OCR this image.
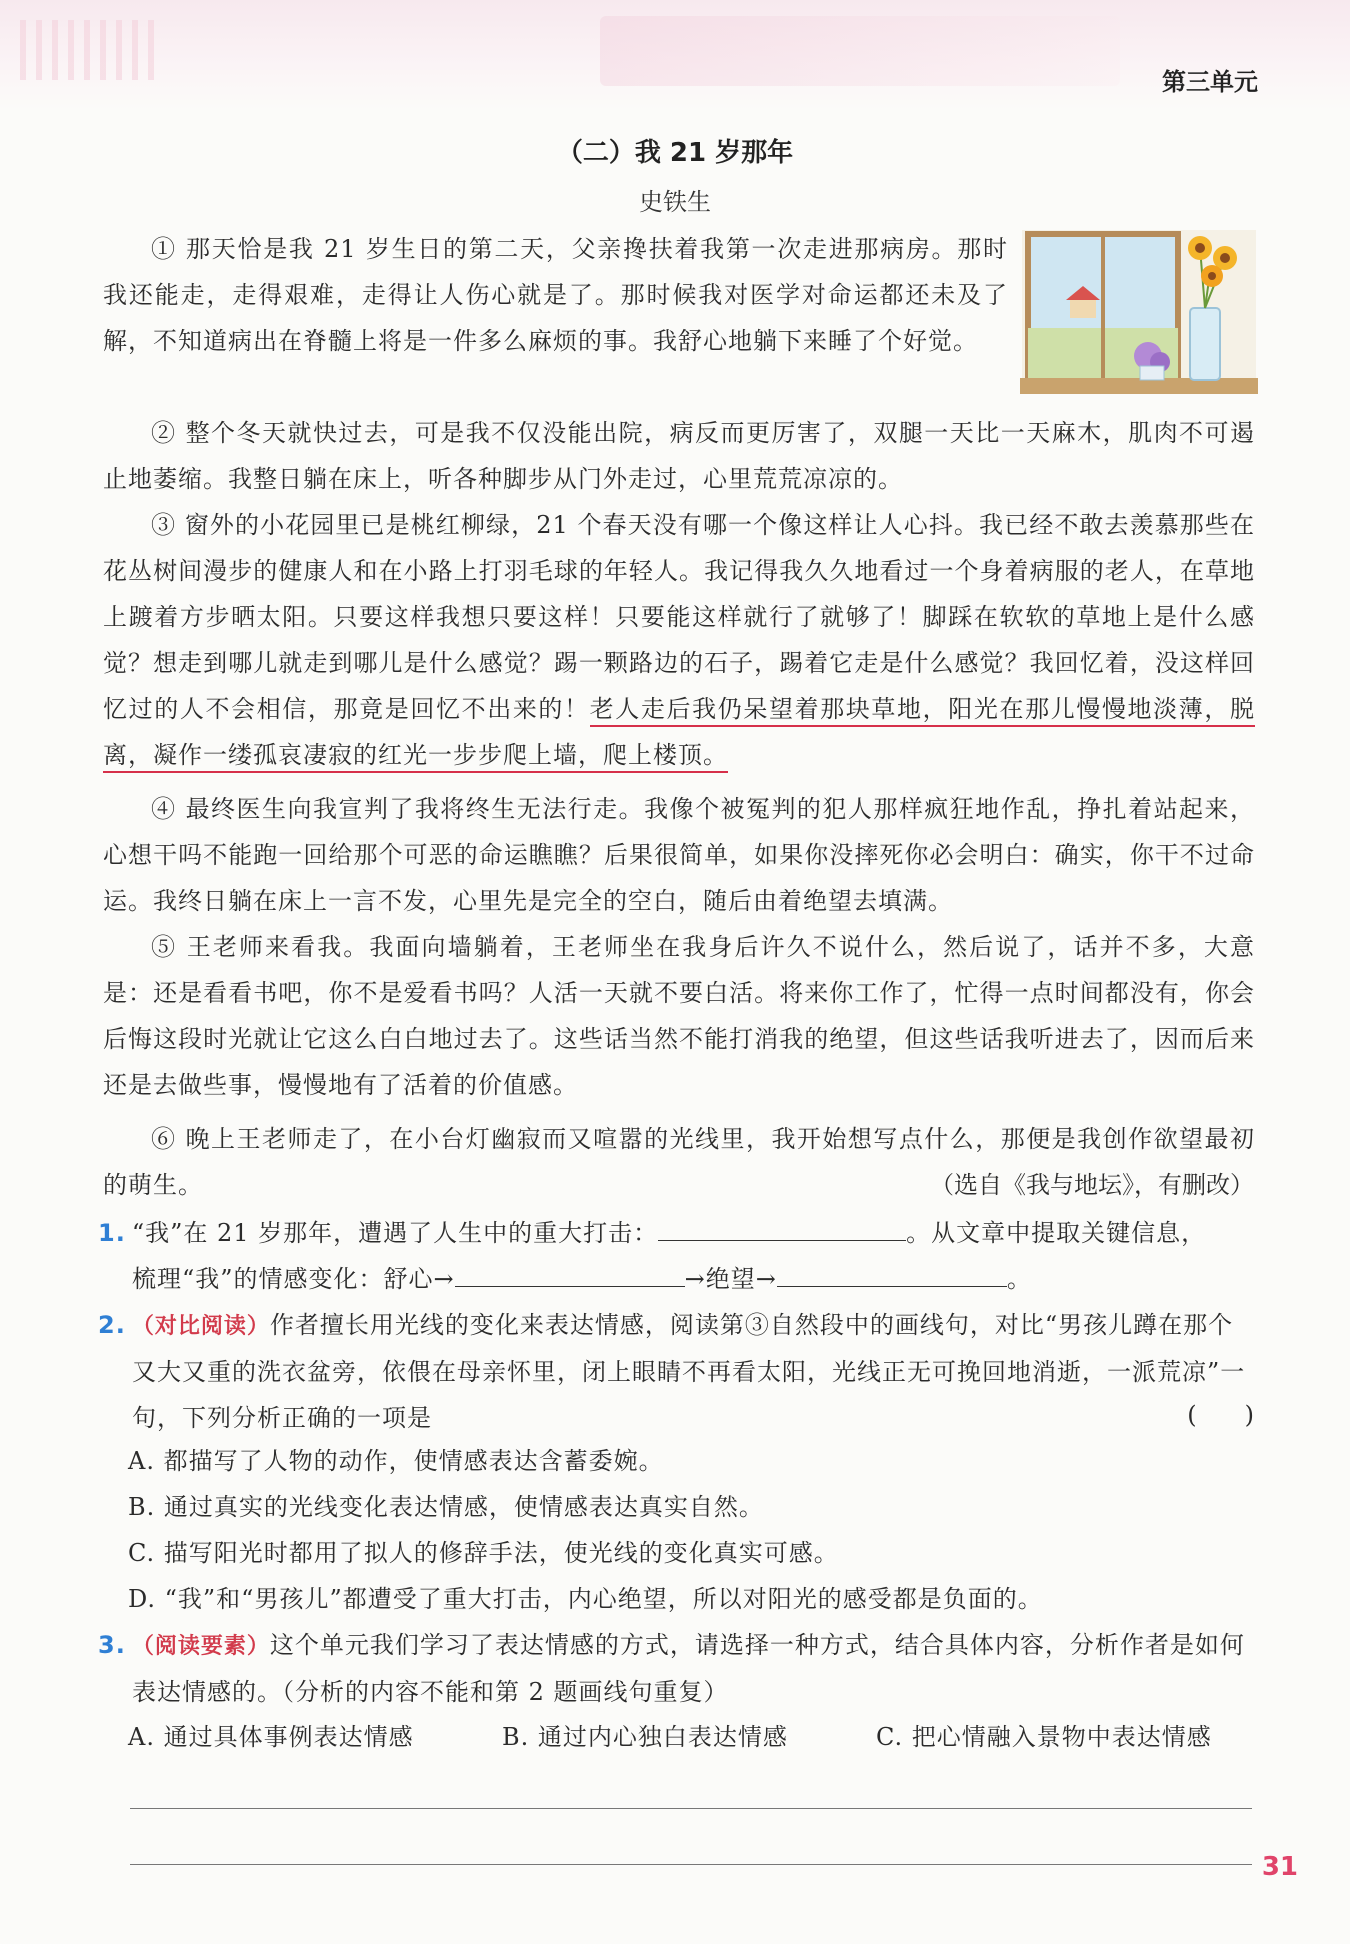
第三单元
（二）我 21 岁那年
史铁生
① 那天恰是我 21 岁生日的第二天，父亲搀扶着我第一次走进那病房。那时我还能走，走得艰难，走得让人伤心就是了。那时候我对医学对命运都还未及了解，不知道病出在脊髓上将是一件多么麻烦的事。我舒心地躺下来睡了个好觉。
② 整个冬天就快过去，可是我不仅没能出院，病反而更厉害了，双腿一天比一天麻木，肌肉不可遏止地萎缩。我整日躺在床上，听各种脚步从门外走过，心里荒荒凉凉的。
③ 窗外的小花园里已是桃红柳绿，21 个春天没有哪一个像这样让人心抖。我已经不敢去羡慕那些在花丛树间漫步的健康人和在小路上打羽毛球的年轻人。我记得我久久地看过一个身着病服的老人，在草地上踱着方步晒太阳。只要这样我想只要这样！只要能这样就行了就够了！脚踩在软软的草地上是什么感觉？想走到哪儿就走到哪儿是什么感觉？踢一颗路边的石子，踢着它走是什么感觉？我回忆着，没这样回忆过的人不会相信，那竟是回忆不出来的！老人走后我仍呆望着那块草地，阳光在那儿慢慢地淡薄，脱离，凝作一缕孤哀凄寂的红光一步步爬上墙，爬上楼顶。
④ 最终医生向我宣判了我将终生无法行走。我像个被冤判的犯人那样疯狂地作乱，挣扎着站起来，心想干吗不能跑一回给那个可恶的命运瞧瞧？后果很简单，如果你没摔死你必会明白：确实，你干不过命运。我终日躺在床上一言不发，心里先是完全的空白，随后由着绝望去填满。
⑤ 王老师来看我。我面向墙躺着，王老师坐在我身后许久不说什么，然后说了，话并不多，大意是：还是看看书吧，你不是爱看书吗？人活一天就不要白活。将来你工作了，忙得一点时间都没有，你会后悔这段时光就让它这么白白地过去了。这些话当然不能打消我的绝望，但这些话我听进去了，因而后来还是去做些事，慢慢地有了活着的价值感。
⑥ 晚上王老师走了，在小台灯幽寂而又喧嚣的光线里，我开始想写点什么，那便是我创作欲望最初的萌生。	（选自《我与地坛》，有删改）
1. “我”在 21 岁那年，遭遇了人生中的重大打击：	。从文章中提取关键信息，
梳理“我”的情感变化：舒心→	→绝望→	。
2. （对比阅读）作者擅长用光线的变化来表达情感，阅读第③自然段中的画线句，对比“男孩儿蹲在那个又大又重的洗衣盆旁，依偎在母亲怀里，闭上眼睛不再看太阳，光线正无可挽回地消逝，一派荒凉”一句，下列分析正确的一项是	(　　)
A. 都描写了人物的动作，使情感表达含蓄委婉。
B. 通过真实的光线变化表达情感，使情感表达真实自然。
C. 描写阳光时都用了拟人的修辞手法，使光线的变化真实可感。
D. “我”和“男孩儿”都遭受了重大打击，内心绝望，所以对阳光的感受都是负面的。
3. （阅读要素）这个单元我们学习了表达情感的方式，请选择一种方式，结合具体内容，分析作者是如何表达情感的。（分析的内容不能和第 2 题画线句重复）
A. 通过具体事例表达情感	B. 通过内心独白表达情感	C. 把心情融入景物中表达情感
31
